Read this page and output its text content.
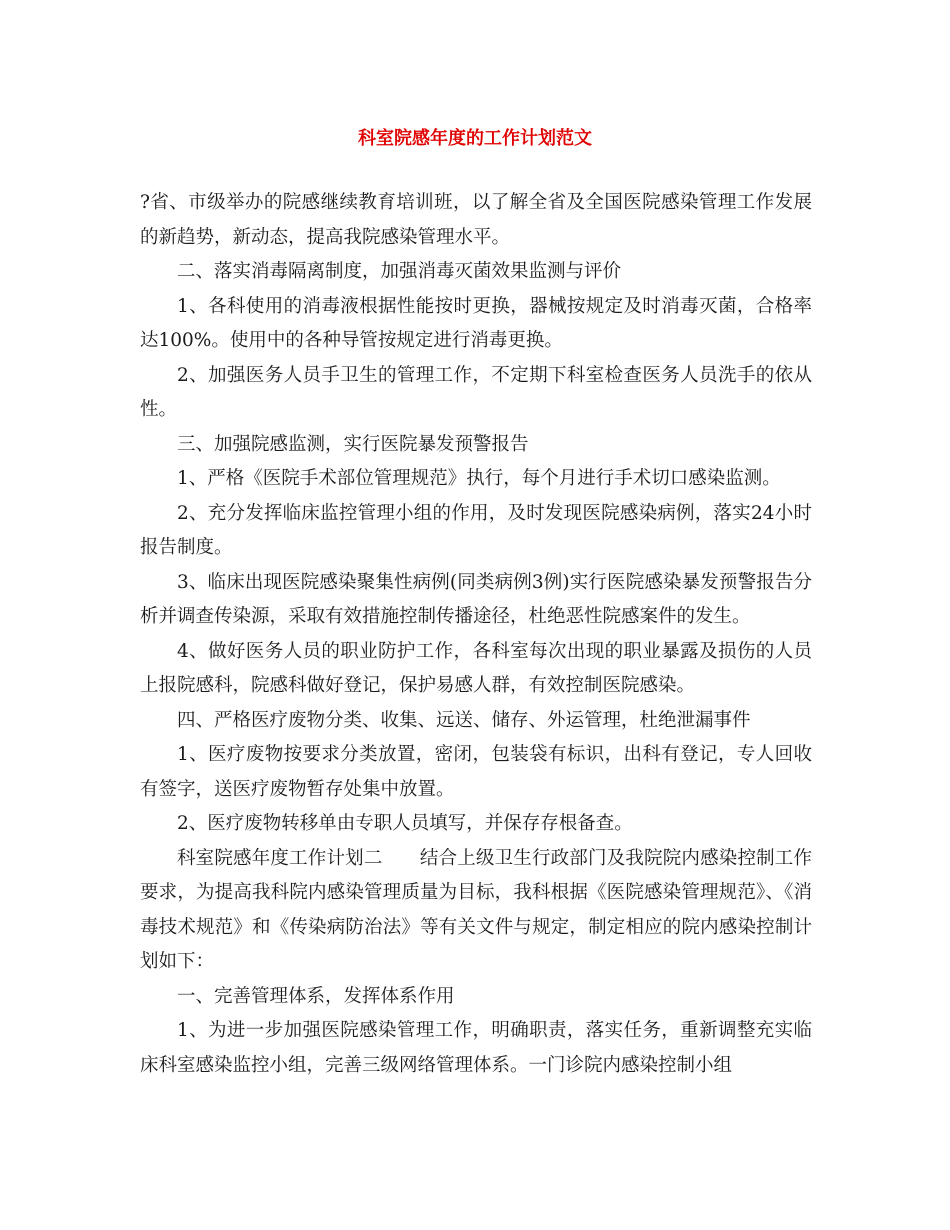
科室院感年度的工作计划范文

?省、市级举办的院感继续教育培训班，以了解全省及全国医院感染管理工作发展的新趋势，新动态，提高我院感染管理水平。

二、落实消毒隔离制度，加强消毒灭菌效果监测与评价

1、各科使用的消毒液根据性能按时更换，器械按规定及时消毒灭菌，合格率达100%。使用中的各种导管按规定进行消毒更换。

2、加强医务人员手卫生的管理工作，不定期下科室检查医务人员洗手的依从性。

三、加强院感监测，实行医院暴发预警报告

1、严格《医院手术部位管理规范》执行，每个月进行手术切口感染监测。

2、充分发挥临床监控管理小组的作用，及时发现医院感染病例，落实24小时报告制度。

3、临床出现医院感染聚集性病例(同类病例3例)实行医院感染暴发预警报告分析并调查传染源，采取有效措施控制传播途径，杜绝恶性院感案件的发生。

4、做好医务人员的职业防护工作，各科室每次出现的职业暴露及损伤的人员上报院感科，院感科做好登记，保护易感人群，有效控制医院感染。

四、严格医疗废物分类、收集、远送、储存、外运管理，杜绝泄漏事件

1、医疗废物按要求分类放置，密闭，包装袋有标识，出科有登记，专人回收有签字，送医疗废物暂存处集中放置。

2、医疗废物转移单由专职人员填写，并保存存根备查。

科室院感年度工作计划二　　结合上级卫生行政部门及我院院内感染控制工作要求，为提高我科院内感染管理质量为目标，我科根据《医院感染管理规范》、《消毒技术规范》和《传染病防治法》等有关文件与规定，制定相应的院内感染控制计划如下：

一、完善管理体系，发挥体系作用

1、为进一步加强医院感染管理工作，明确职责，落实任务，重新调整充实临床科室感染监控小组，完善三级网络管理体系。一门诊院内感染控制小组
